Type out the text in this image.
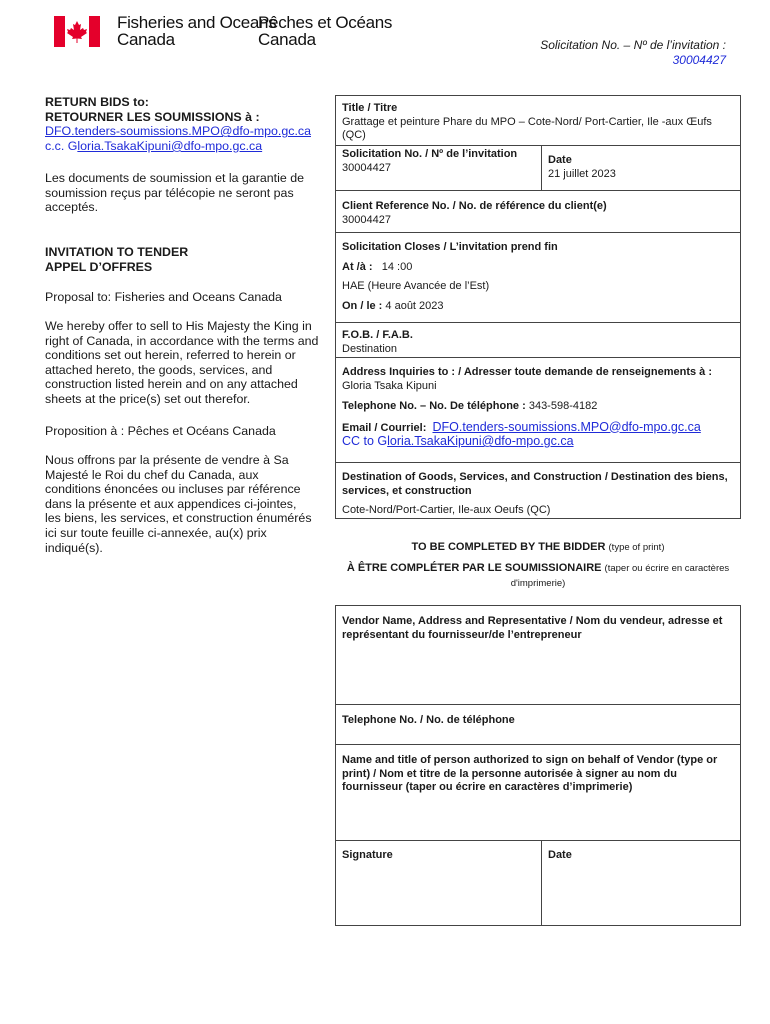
Fisheries and Oceans
Canada
Pêches et Océans
Canada	Solicitation No. – Nº de l’invitation :
30004427

RETURN BIDS to:

RETOURNER LES SOUMISSIONS à :

DFO.tenders-soumissions.MPO@dfo-mpo.gc.ca

c.c. Gloria.TsakaKipuni@dfo-mpo.gc.ca

Les documents de soumission et la garantie de soumission reçus par télécopie ne seront pas acceptés.

INVITATION TO TENDER

APPEL D’OFFRES

Proposal to: Fisheries and Oceans Canada

We hereby offer to sell to His Majesty the King in right of Canada, in accordance with the terms and conditions set out herein, referred to herein or attached hereto, the goods, services, and construction listed herein and on any attached sheets at the price(s) set out therefor.

Proposition à : Pêches et Océans Canada

Nous offrons par la présente de vendre à Sa Majesté le Roi du chef du Canada, aux conditions énoncées ou incluses par référence dans la présente et aux appendices ci-jointes, les biens, les services, et construction énumérés ici sur toute feuille ci-annexée, au(x) prix indiqué(s).

Title / Titre
Grattage et peinture Phare du MPO – Cote-Nord/ Port-Cartier, Ile -aux Œufs (QC)
Solicitation No. / Nº de l’invitation
30004427
Date
21 juillet 2023
Client Reference No. / No. de référence du client(e)
30004427
Solicitation Closes / L’invitation prend fin
At /à : 14 :00
HAE (Heure Avancée de l’Est)
On / le : 4 août 2023
F.O.B. / F.A.B.
Destination
Address Inquiries to : / Adresser toute demande de renseignements à :
Gloria Tsaka Kipuni
Telephone No. – No. De téléphone : 343-598-4182
Email / Courriel: DFO.tenders-soumissions.MPO@dfo-mpo.gc.ca
CC to Gloria.TsakaKipuni@dfo-mpo.gc.ca
Destination of Goods, Services, and Construction / Destination des biens, services, et construction
Cote-Nord/Port-Cartier, Ile-aux Oeufs (QC)
TO BE COMPLETED BY THE BIDDER (type of print)
À ÊTRE COMPLÉTER PAR LE SOUMISSIONAIRE (taper ou écrire en caractères d'imprimerie)
Vendor Name, Address and Representative / Nom du vendeur, adresse et représentant du fournisseur/de l’entrepreneur
Telephone No. / No. de téléphone
Name and title of person authorized to sign on behalf of Vendor (type or print) / Nom et titre de la personne autorisée à signer au nom du fournisseur (taper ou écrire en caractères d’imprimerie)
Signature	Date
